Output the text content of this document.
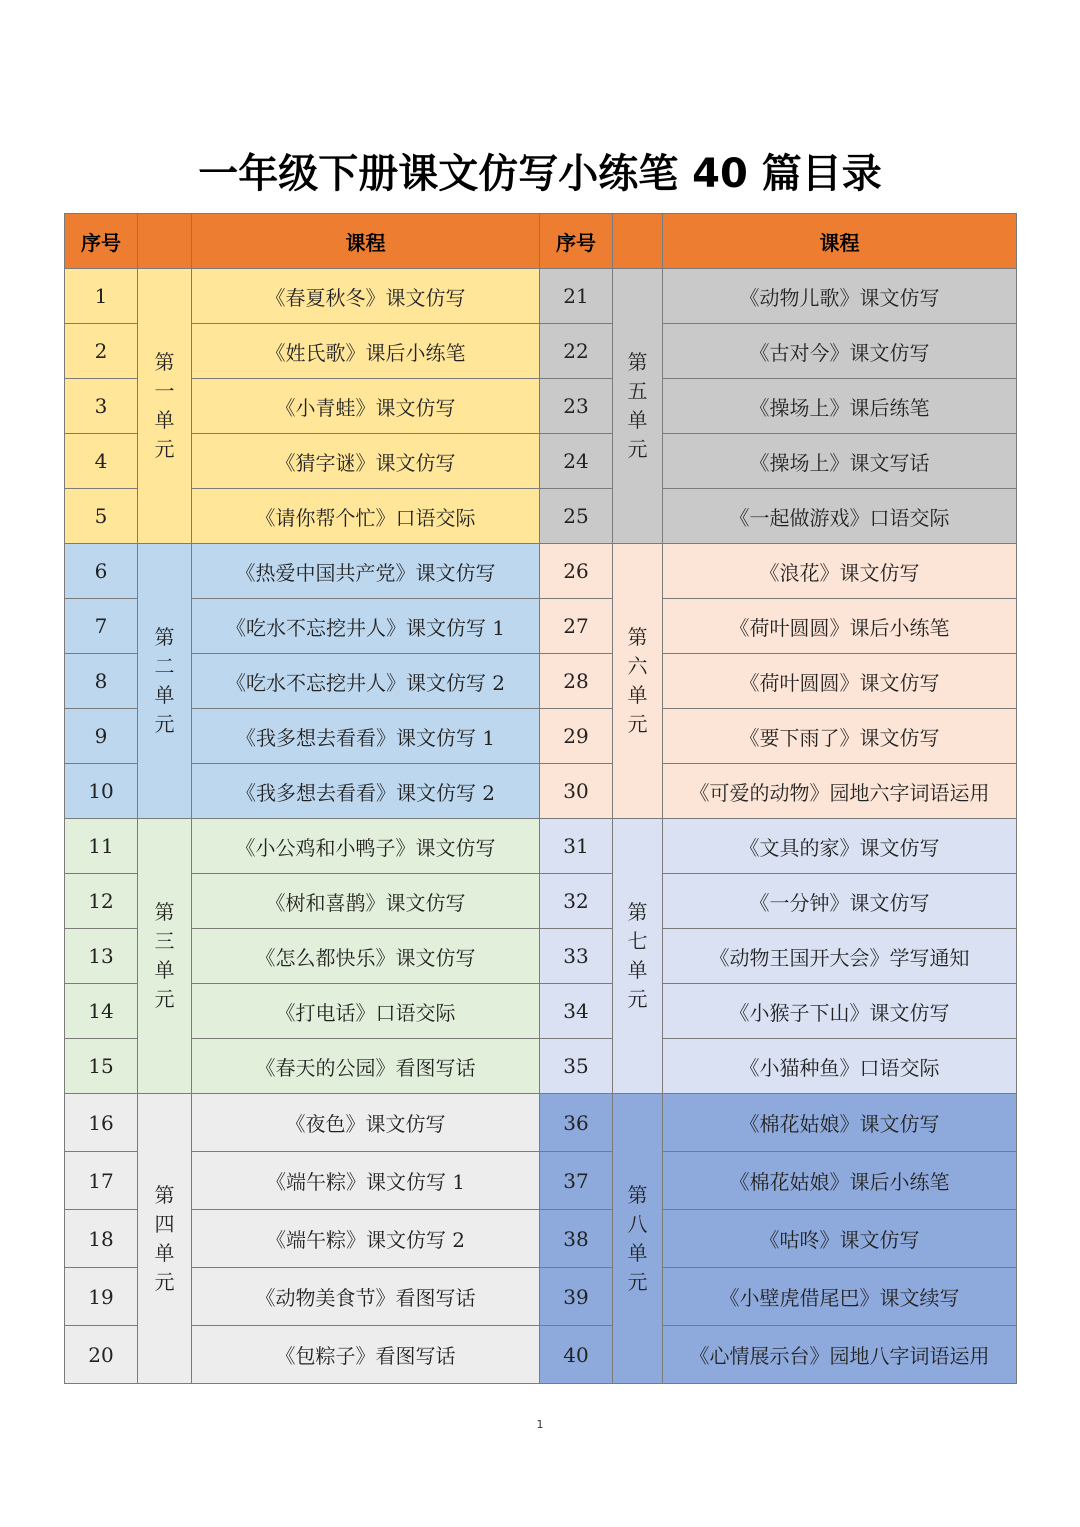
一年级下册课文仿写小练笔 40 篇目录
序号		课程	序号		课程
1	第一单元	《春夏秋冬》课文仿写	21	第五单元	《动物儿歌》课文仿写
2		《姓氏歌》课后小练笔	22		《古对今》课文仿写
3		《小青蛙》课文仿写	23		《操场上》课后练笔
4		《猜字谜》课文仿写	24		《操场上》课文写话
5		《请你帮个忙》口语交际	25		《一起做游戏》口语交际
6	第二单元	《热爱中国共产党》课文仿写	26	第六单元	《浪花》课文仿写
7		《吃水不忘挖井人》课文仿写 1	27		《荷叶圆圆》课后小练笔
8		《吃水不忘挖井人》课文仿写 2	28		《荷叶圆圆》课文仿写
9		《我多想去看看》课文仿写 1	29		《要下雨了》课文仿写
10		《我多想去看看》课文仿写 2	30		《可爱的动物》园地六字词语运用
11	第三单元	《小公鸡和小鸭子》课文仿写	31	第七单元	《文具的家》课文仿写
12		《树和喜鹊》课文仿写	32		《一分钟》课文仿写
13		《怎么都快乐》课文仿写	33		《动物王国开大会》学写通知
14		《打电话》口语交际	34		《小猴子下山》课文仿写
15		《春天的公园》看图写话	35		《小猫种鱼》口语交际
16	第四单元	《夜色》课文仿写	36	第八单元	《棉花姑娘》课文仿写
17		《端午粽》课文仿写 1	37		《棉花姑娘》课后小练笔
18		《端午粽》课文仿写 2	38		《咕咚》课文仿写
19		《动物美食节》看图写话	39		《小壁虎借尾巴》课文续写
20		《包粽子》看图写话	40		《心情展示台》园地八字词语运用
1
